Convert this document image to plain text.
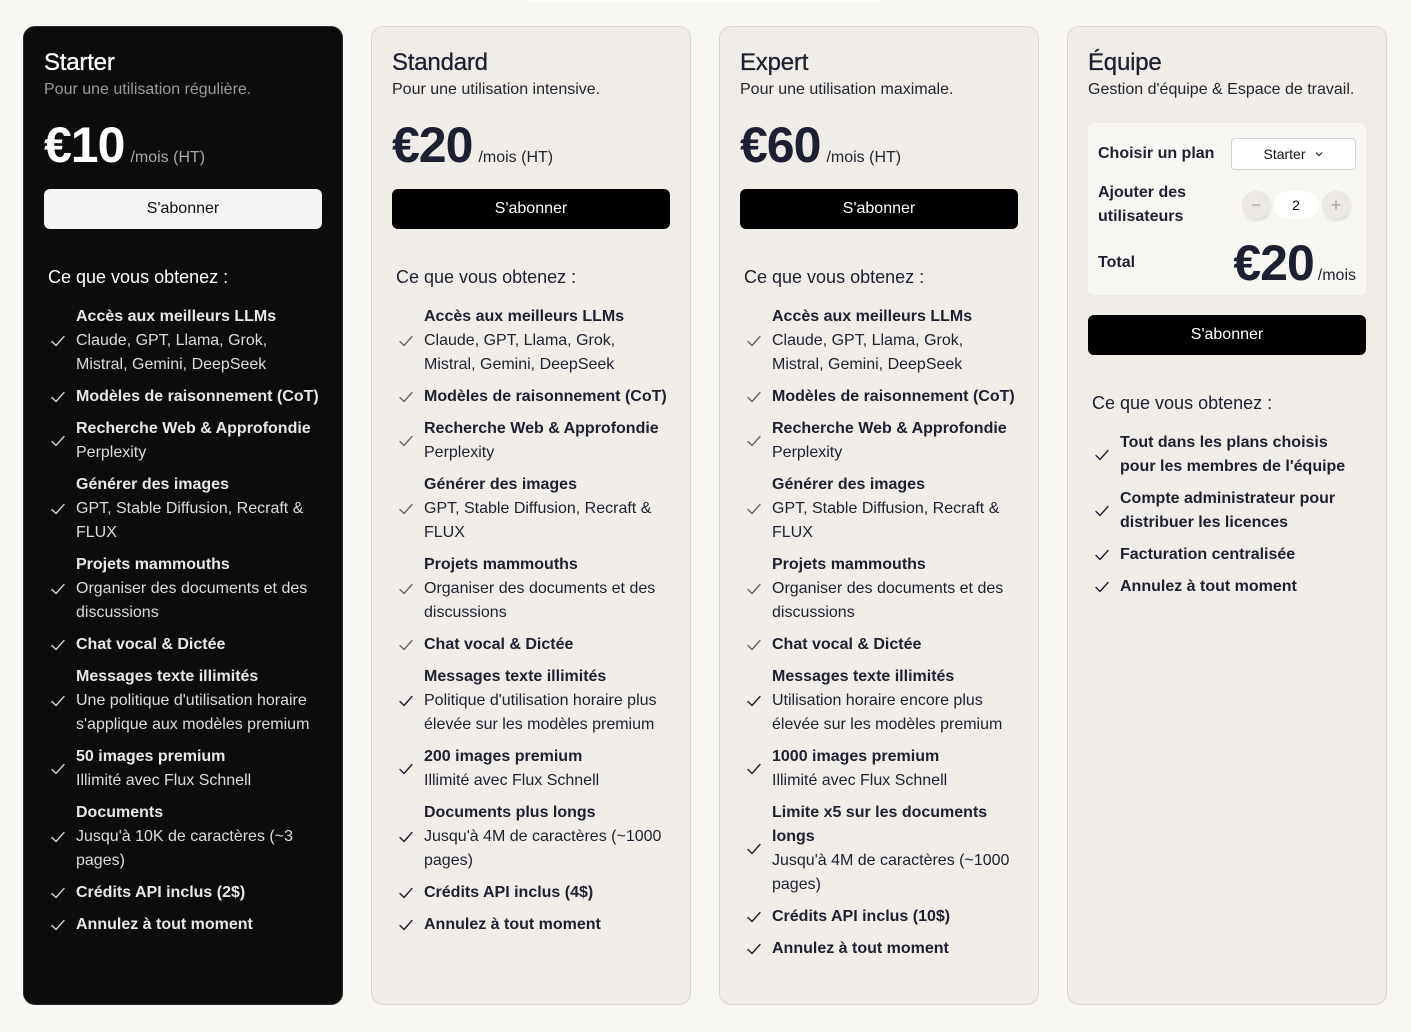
Starter
Pour une utilisation régulière.
€10 /mois (HT)
S'abonner
Ce que vous obtenez :
Accès aux meilleurs LLMs
Claude, GPT, Llama, Grok, Mistral, Gemini, DeepSeek
Modèles de raisonnement (CoT)
Recherche Web & Approfondie
Perplexity
Générer des images
GPT, Stable Diffusion, Recraft & FLUX
Projets mammouths
Organiser des documents et des discussions
Chat vocal & Dictée
Messages texte illimités
Une politique d'utilisation horaire s'applique aux modèles premium
50 images premium
Illimité avec Flux Schnell
Documents
Jusqu'à 10K de caractères (~3 pages)
Crédits API inclus (2$)
Annulez à tout moment
Standard
Pour une utilisation intensive.
€20 /mois (HT)
S'abonner
Ce que vous obtenez :
Accès aux meilleurs LLMs
Claude, GPT, Llama, Grok, Mistral, Gemini, DeepSeek
Modèles de raisonnement (CoT)
Recherche Web & Approfondie
Perplexity
Générer des images
GPT, Stable Diffusion, Recraft & FLUX
Projets mammouths
Organiser des documents et des discussions
Chat vocal & Dictée
Messages texte illimités
Politique d'utilisation horaire plus élevée sur les modèles premium
200 images premium
Illimité avec Flux Schnell
Documents plus longs
Jusqu'à 4M de caractères (~1000 pages)
Crédits API inclus (4$)
Annulez à tout moment
Expert
Pour une utilisation maximale.
€60 /mois (HT)
S'abonner
Ce que vous obtenez :
Accès aux meilleurs LLMs
Claude, GPT, Llama, Grok, Mistral, Gemini, DeepSeek
Modèles de raisonnement (CoT)
Recherche Web & Approfondie
Perplexity
Générer des images
GPT, Stable Diffusion, Recraft & FLUX
Projets mammouths
Organiser des documents et des discussions
Chat vocal & Dictée
Messages texte illimités
Utilisation horaire encore plus élevée sur les modèles premium
1000 images premium
Illimité avec Flux Schnell
Limite x5 sur les documents longs
Jusqu'à 4M de caractères (~1000 pages)
Crédits API inclus (10$)
Annulez à tout moment
Équipe
Gestion d'équipe & Espace de travail.
Choisir un plan	Starter
Ajouter des utilisateurs
−	2	+
Total €20 /mois
S'abonner
Ce que vous obtenez :
Tout dans les plans choisis pour les membres de l'équipe
Compte administrateur pour distribuer les licences
Facturation centralisée
Annulez à tout moment
